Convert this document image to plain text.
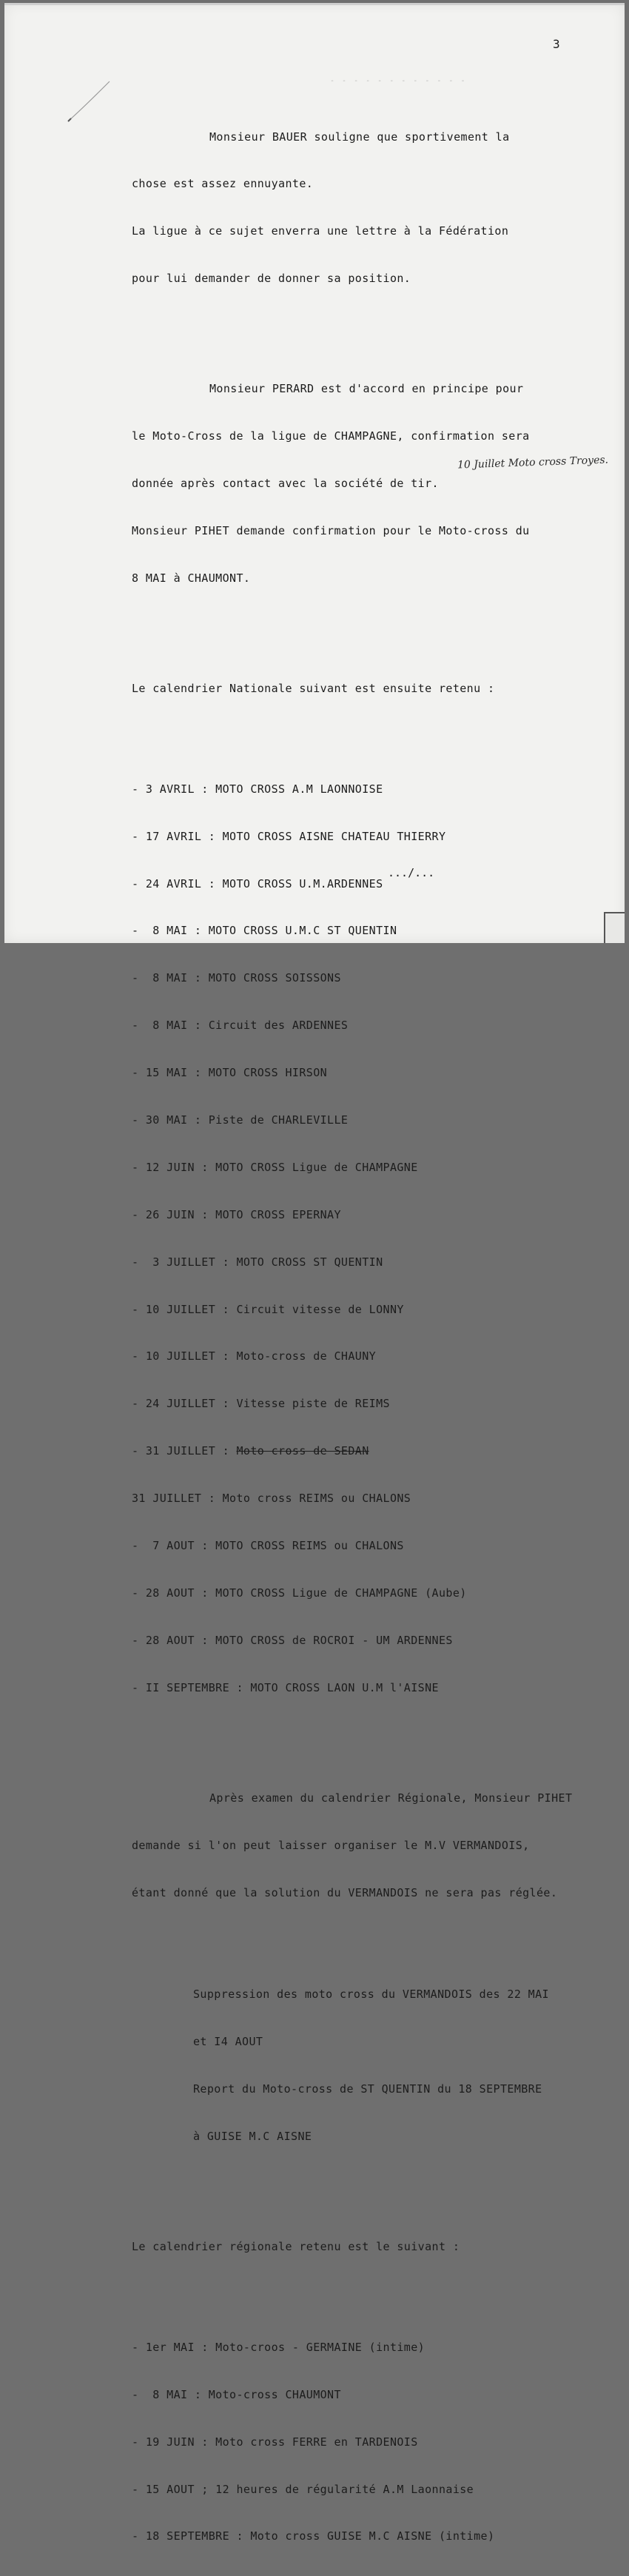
3
- - - - - - - - - - - -

Monsieur BAUER souligne que sportivement la

chose est assez ennuyante.

La ligue à ce sujet enverra une lettre à la Fédération

pour lui demander de donner sa position.

Monsieur PERARD est d'accord en principe pour

le Moto-Cross de la ligue de CHAMPAGNE, confirmation sera

donnée après contact avec la société de tir.

Monsieur PIHET demande confirmation pour le Moto-cross du

8 MAI à CHAUMONT.

Le calendrier Nationale suivant est ensuite retenu :

- 3 AVRIL : MOTO CROSS A.M LAONNOISE

- 17 AVRIL : MOTO CROSS AISNE CHATEAU THIERRY

- 24 AVRIL : MOTO CROSS U.M.ARDENNES

-  8 MAI : MOTO CROSS U.M.C ST QUENTIN

-  8 MAI : MOTO CROSS SOISSONS

-  8 MAI : Circuit des ARDENNES

- 15 MAI : MOTO CROSS HIRSON

- 30 MAI : Piste de CHARLEVILLE

- 12 JUIN : MOTO CROSS Ligue de CHAMPAGNE

- 26 JUIN : MOTO CROSS EPERNAY

-  3 JUILLET : MOTO CROSS ST QUENTIN

- 10 JUILLET : Circuit vitesse de LONNY

- 10 JUILLET : Moto-cross de CHAUNY

- 24 JUILLET : Vitesse piste de REIMS

- 31 JUILLET : Moto cross de SEDAN

31 JUILLET : Moto cross REIMS ou CHALONS

-  7 AOUT : MOTO CROSS REIMS ou CHALONS

- 28 AOUT : MOTO CROSS Ligue de CHAMPAGNE (Aube)

- 28 AOUT : MOTO CROSS de ROCROI - UM ARDENNES

- II SEPTEMBRE : MOTO CROSS LAON U.M l'AISNE

Après examen du calendrier Régionale, Monsieur PIHET

demande si l'on peut laisser organiser le M.V VERMANDOIS,

étant donné que la solution du VERMANDOIS ne sera pas réglée.

Suppression des moto cross du VERMANDOIS des 22 MAI

et I4 AOUT

Report du Moto-cross de ST QUENTIN du 18 SEPTEMBRE

à GUISE M.C AISNE

Le calendrier régionale retenu est le suivant :

- 1er MAI : Moto-croos - GERMAINE (intime)

-  8 MAI : Moto-cross CHAUMONT

- 19 JUIN : Moto cross FERRE en TARDENOIS

- 15 AOUT ; 12 heures de régularité A.M Laonnaise

- 18 SEPTEMBRE : Moto cross GUISE M.C AISNE (intime)

10 Juillet Moto cross Troyes.
.../...
